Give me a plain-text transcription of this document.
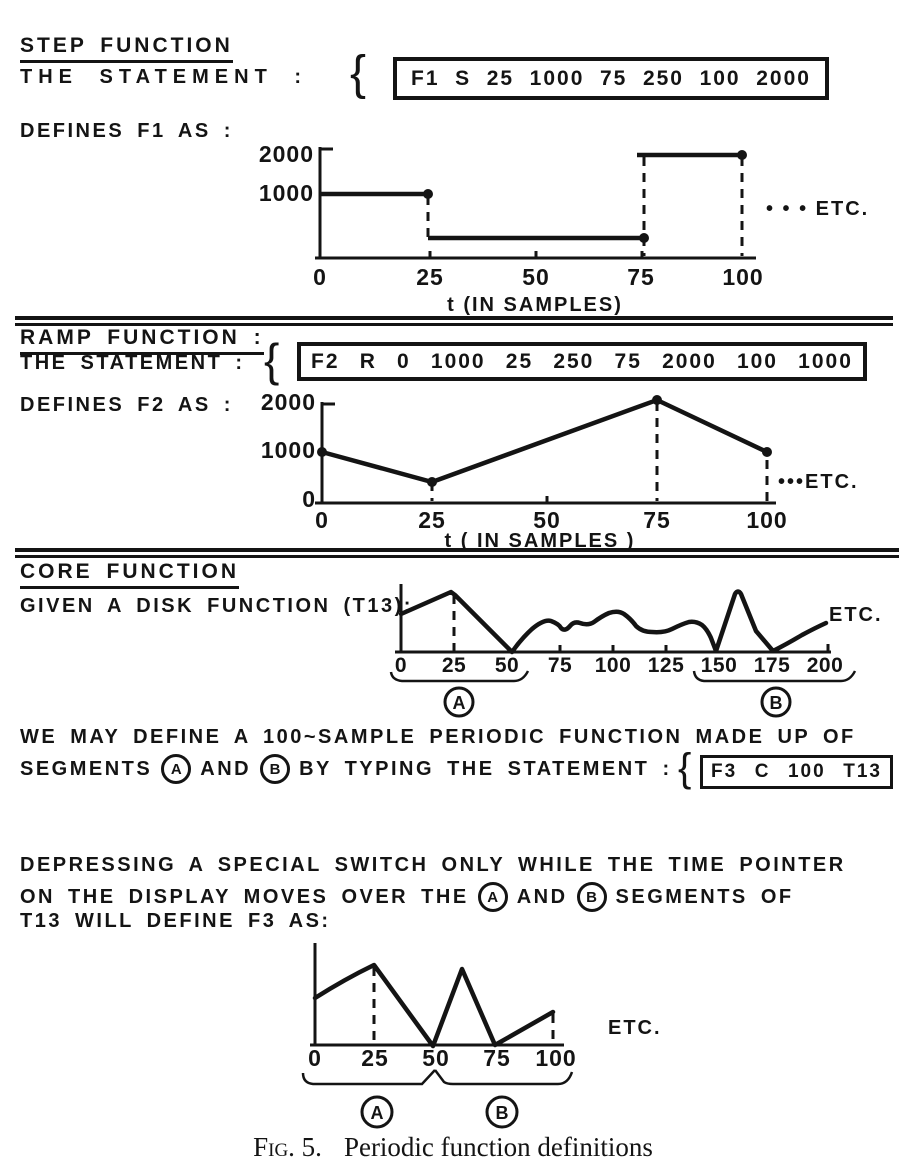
STEP FUNCTION
THE STATEMENT : { F1 S 25 1000 75 250 100 2000
DEFINES F1 AS :
2000
1000
0	25	50	75	100
t (IN SAMPLES)
• • • ETC.
RAMP FUNCTION :
THE STATEMENT : { F2 R 0 1000 25 250 75 2000 100 1000
DEFINES F2 AS : 2000
1000
0
0	25	50	75	100
t ( IN SAMPLES )
•••ETC.
CORE FUNCTION
GIVEN A DISK FUNCTION (T13):
0 25 50 75 100 125 150 175 200
A	B
ETC.
WE MAY DEFINE A 100~SAMPLE PERIODIC FUNCTION MADE UP OF
SEGMENTS A AND B BY TYPING THE STATEMENT : { F3 C 100 T13
DEPRESSING A SPECIAL SWITCH ONLY WHILE THE TIME POINTER
ON THE DISPLAY MOVES OVER THE A AND B SEGMENTS OF
T13 WILL DEFINE F3 AS:
0 25 50 75 100
A	B
ETC.
Fig. 5. Periodic function definitions
